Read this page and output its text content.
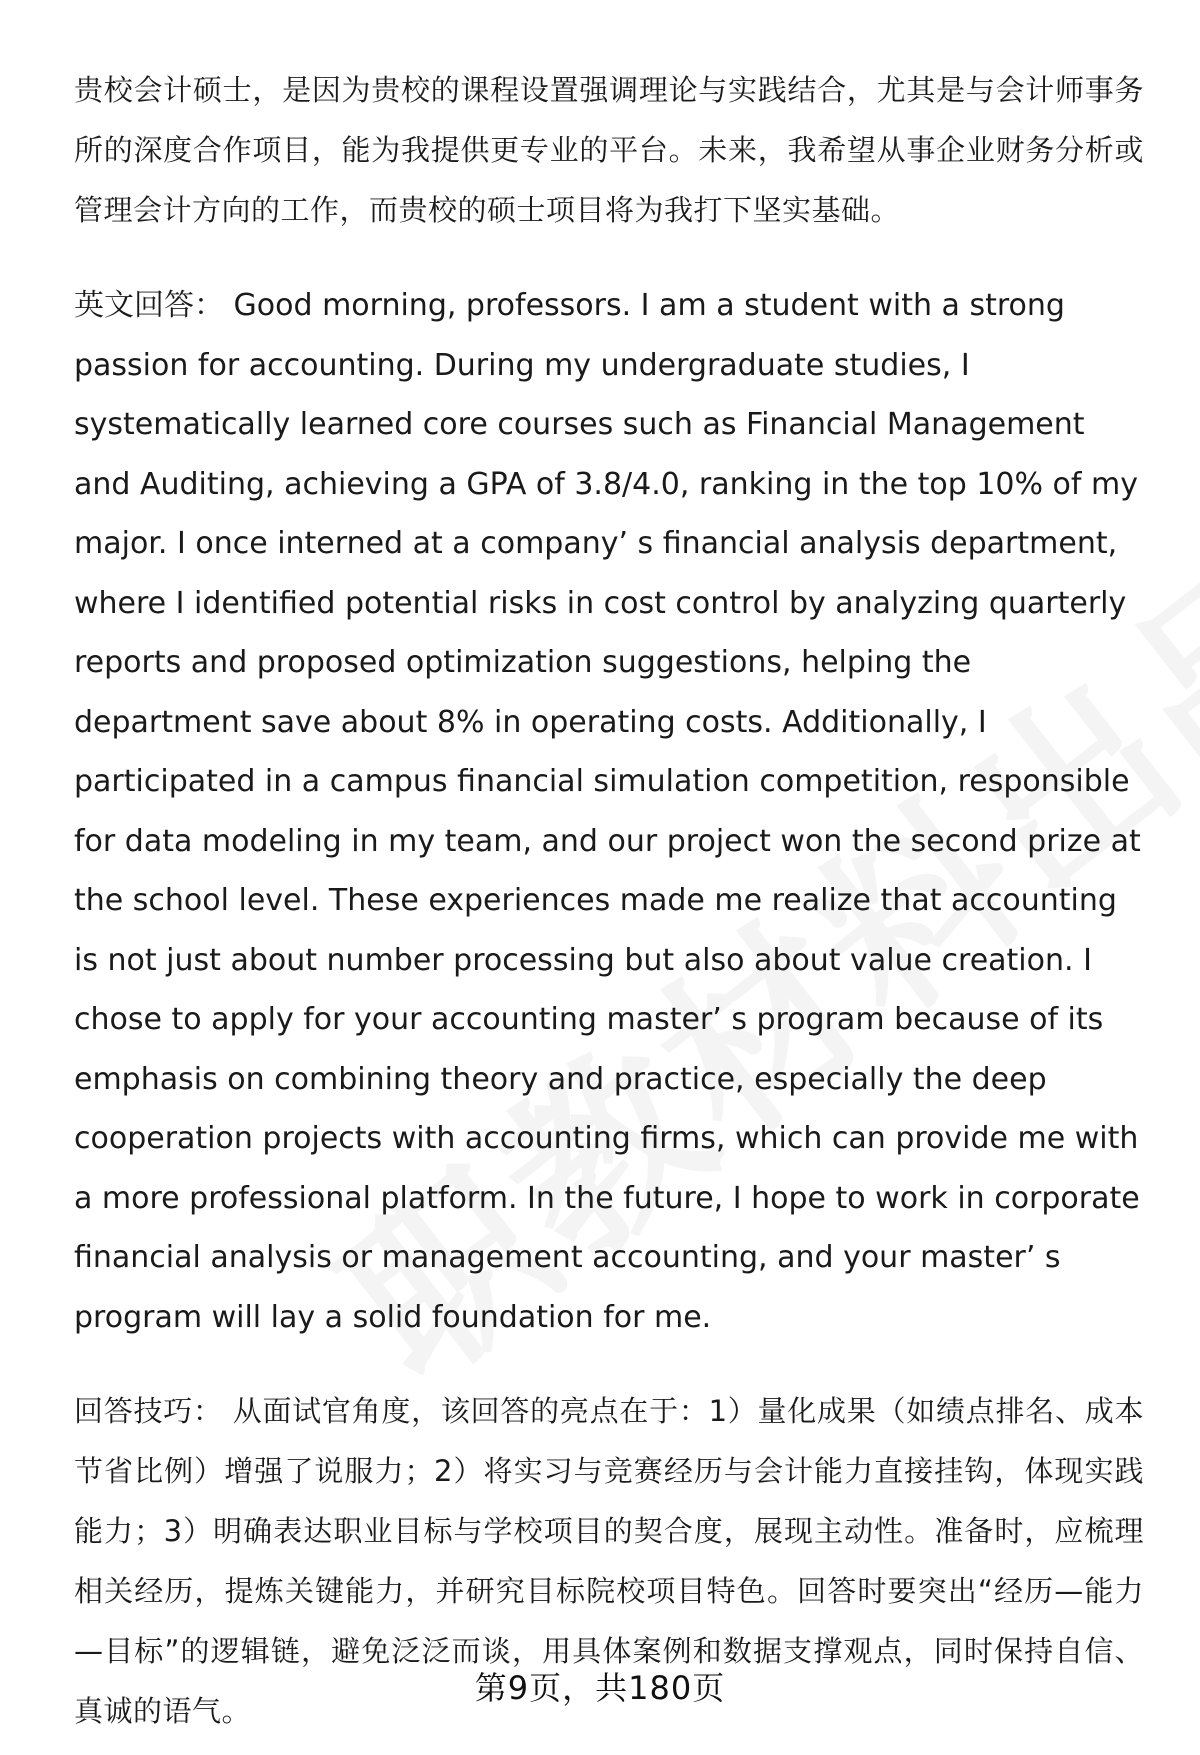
贵校会计硕士，是因为贵校的课程设置强调理论与实践结合，尤其是与会计师事务所的深度合作项目，能为我提供更专业的平台。未来，我希望从事企业财务分析或管理会计方向的工作，而贵校的硕士项目将为我打下坚实基础。

英文回答： Good morning, professors. I am a student with a strong passion for accounting. During my undergraduate studies, I systematically learned core courses such as Financial Management and Auditing, achieving a GPA of 3.8/4.0, ranking in the top 10% of my major. I once interned at a company’ s financial analysis department, where I identified potential risks in cost control by analyzing quarterly reports and proposed optimization suggestions, helping the department save about 8% in operating costs. Additionally, I participated in a campus financial simulation competition, responsible for data modeling in my team, and our project won the second prize at the school level. These experiences made me realize that accounting is not just about number processing but also about value creation. I chose to apply for your accounting master’ s program because of its emphasis on combining theory and practice, especially the deep cooperation projects with accounting firms, which can provide me with a more professional platform. In the future, I hope to work in corporate financial analysis or management accounting, and your master’ s program will lay a solid foundation for me.

回答技巧： 从面试官角度，该回答的亮点在于：1）量化成果（如绩点排名、成本节省比例）增强了说服力；2）将实习与竞赛经历与会计能力直接挂钩，体现实践能力；3）明确表达职业目标与学校项目的契合度，展现主动性。准备时，应梳理相关经历，提炼关键能力，并研究目标院校项目特色。回答时要突出“经历—能力—目标”的逻辑链，避免泛泛而谈，用具体案例和数据支撑观点，同时保持自信、真诚的语气。

第9页，共180页
